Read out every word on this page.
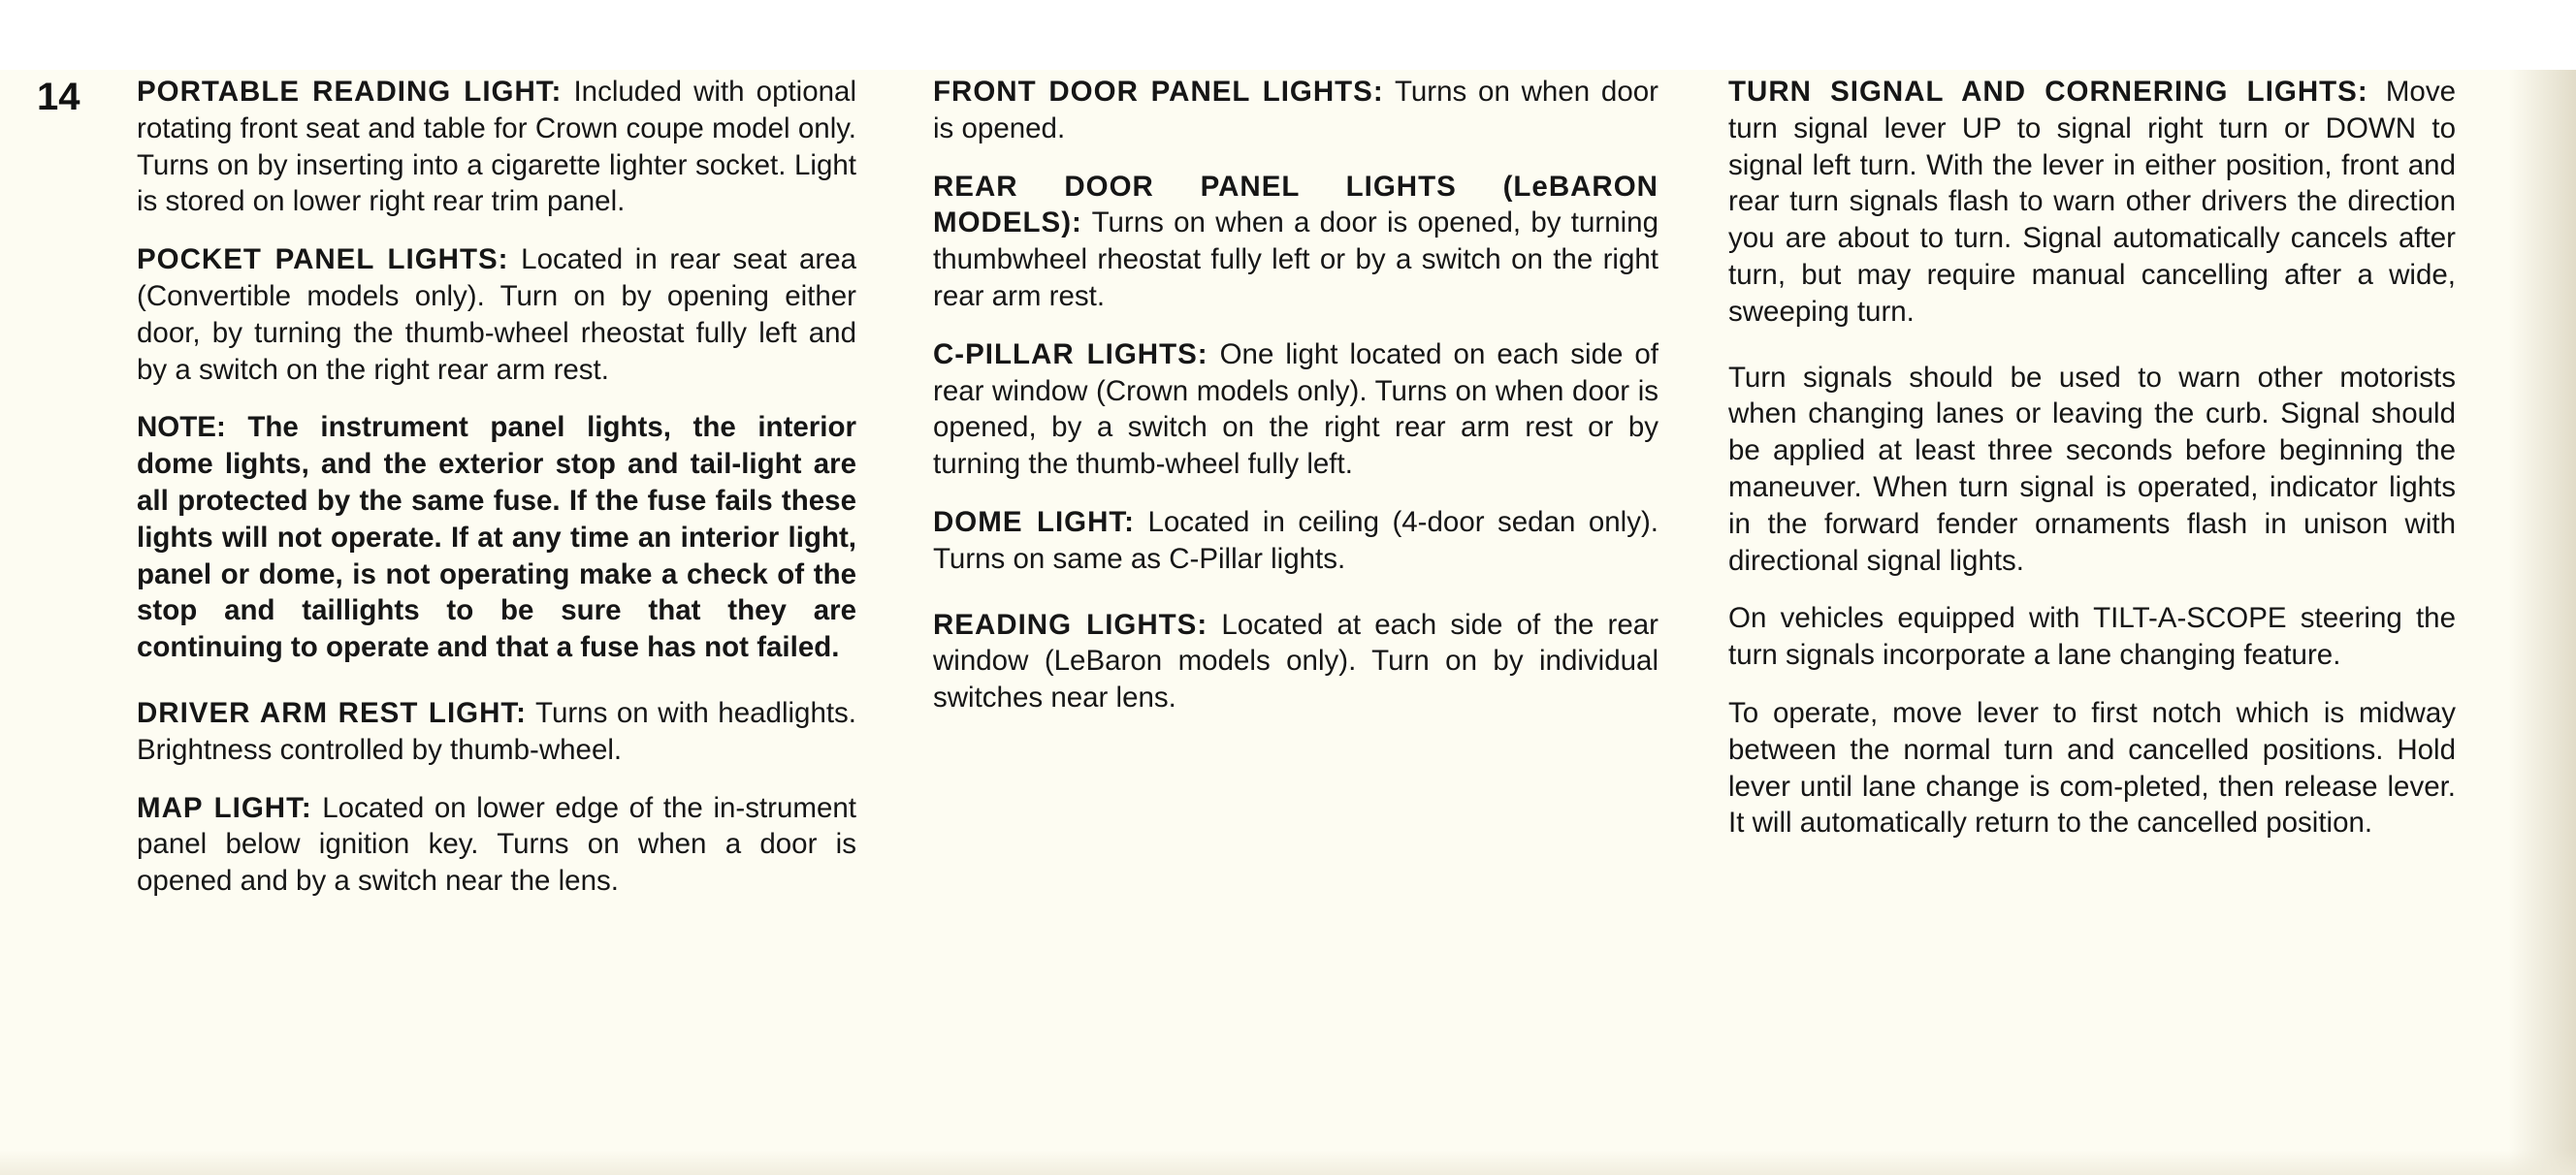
14 PORTABLE READING LIGHT: Included with optional rotating front seat and table for Crown coupe model only. Turns on by inserting into a cigarette lighter socket. Light is stored on lower right rear trim panel.

POCKET PANEL LIGHTS: Located in rear seat area (Convertible models only). Turn on by opening either door, by turning the thumb-wheel rheostat fully left and by a switch on the right rear arm rest.

NOTE: The instrument panel lights, the interior dome lights, and the exterior stop and tail-light are all protected by the same fuse. If the fuse fails these lights will not operate. If at any time an interior light, panel or dome, is not operating make a check of the stop and taillights to be sure that they are continuing to operate and that a fuse has not failed.

DRIVER ARM REST LIGHT: Turns on with headlights. Brightness controlled by thumb-wheel.

MAP LIGHT: Located on lower edge of the in-strument panel below ignition key. Turns on when a door is opened and by a switch near the lens.

FRONT DOOR PANEL LIGHTS: Turns on when door is opened.

REAR DOOR PANEL LIGHTS (LeBARON MODELS): Turns on when a door is opened, by turning thumbwheel rheostat fully left or by a switch on the right rear arm rest.

C-PILLAR LIGHTS: One light located on each side of rear window (Crown models only). Turns on when door is opened, by a switch on the right rear arm rest or by turning the thumb-wheel fully left.

DOME LIGHT: Located in ceiling (4-door sedan only). Turns on same as C-Pillar lights.

READING LIGHTS: Located at each side of the rear window (LeBaron models only). Turn on by individual switches near lens.

TURN SIGNAL AND CORNERING LIGHTS: Move turn signal lever UP to signal right turn or DOWN to signal left turn. With the lever in either position, front and rear turn signals flash to warn other drivers the direction you are about to turn. Signal automatically cancels after turn, but may require manual cancelling after a wide, sweeping turn.

Turn signals should be used to warn other motorists when changing lanes or leaving the curb. Signal should be applied at least three seconds before beginning the maneuver. When turn signal is operated, indicator lights in the forward fender ornaments flash in unison with directional signal lights.

On vehicles equipped with TILT-A-SCOPE steering the turn signals incorporate a lane changing feature.

To operate, move lever to first notch which is midway between the normal turn and cancelled positions. Hold lever until lane change is com-pleted, then release lever. It will automatically return to the cancelled position.
